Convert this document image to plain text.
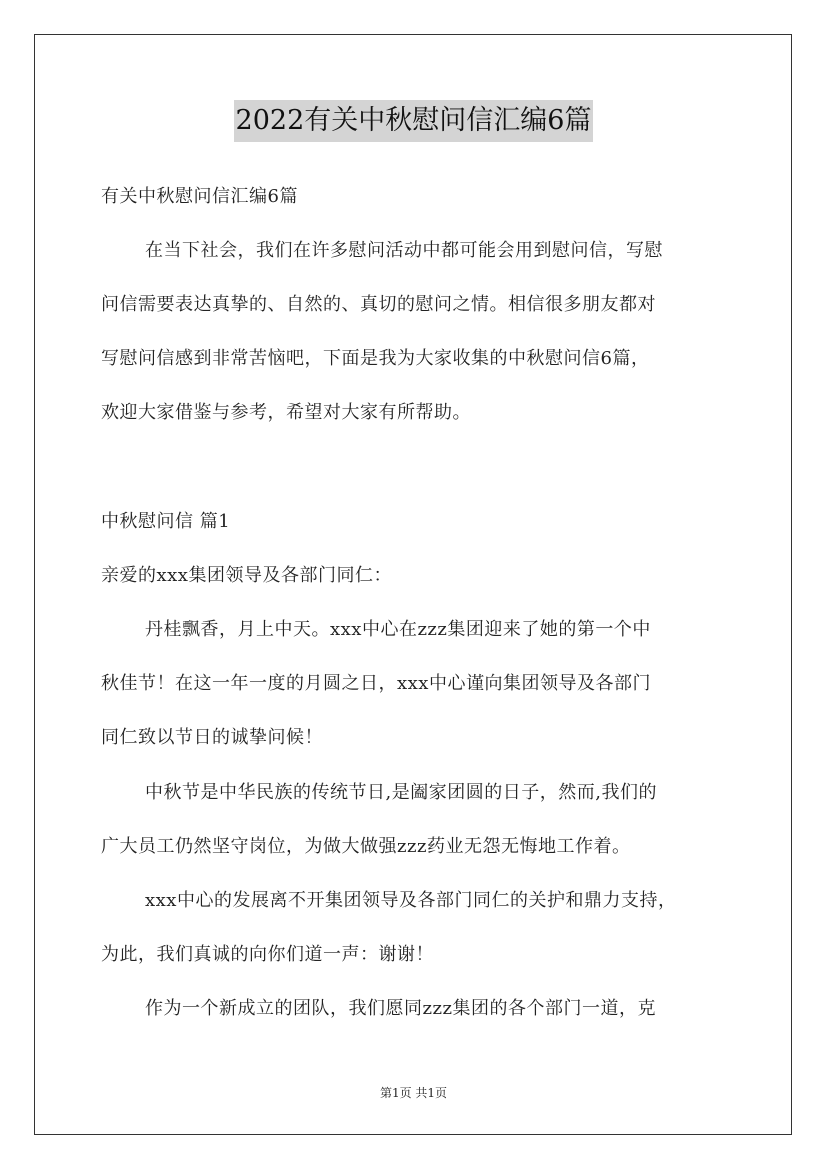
2022有关中秋慰问信汇编6篇
有关中秋慰问信汇编6篇
在当下社会，我们在许多慰问活动中都可能会用到慰问信，写慰
问信需要表达真挚的、自然的、真切的慰问之情。相信很多朋友都对
写慰问信感到非常苦恼吧，下面是我为大家收集的中秋慰问信6篇，
欢迎大家借鉴与参考，希望对大家有所帮助。
中秋慰问信 篇1
亲爱的xxx集团领导及各部门同仁：
丹桂飘香，月上中天。xxx中心在zzz集团迎来了她的第一个中
秋佳节！在这一年一度的月圆之日，xxx中心谨向集团领导及各部门
同仁致以节日的诚挚问候！
中秋节是中华民族的传统节日,是阖家团圆的日子，然而,我们的
广大员工仍然坚守岗位，为做大做强zzz药业无怨无悔地工作着。
xxx中心的发展离不开集团领导及各部门同仁的关护和鼎力支持，
为此，我们真诚的向你们道一声：谢谢！
作为一个新成立的团队，我们愿同zzz集团的各个部门一道，克
第1页 共1页
